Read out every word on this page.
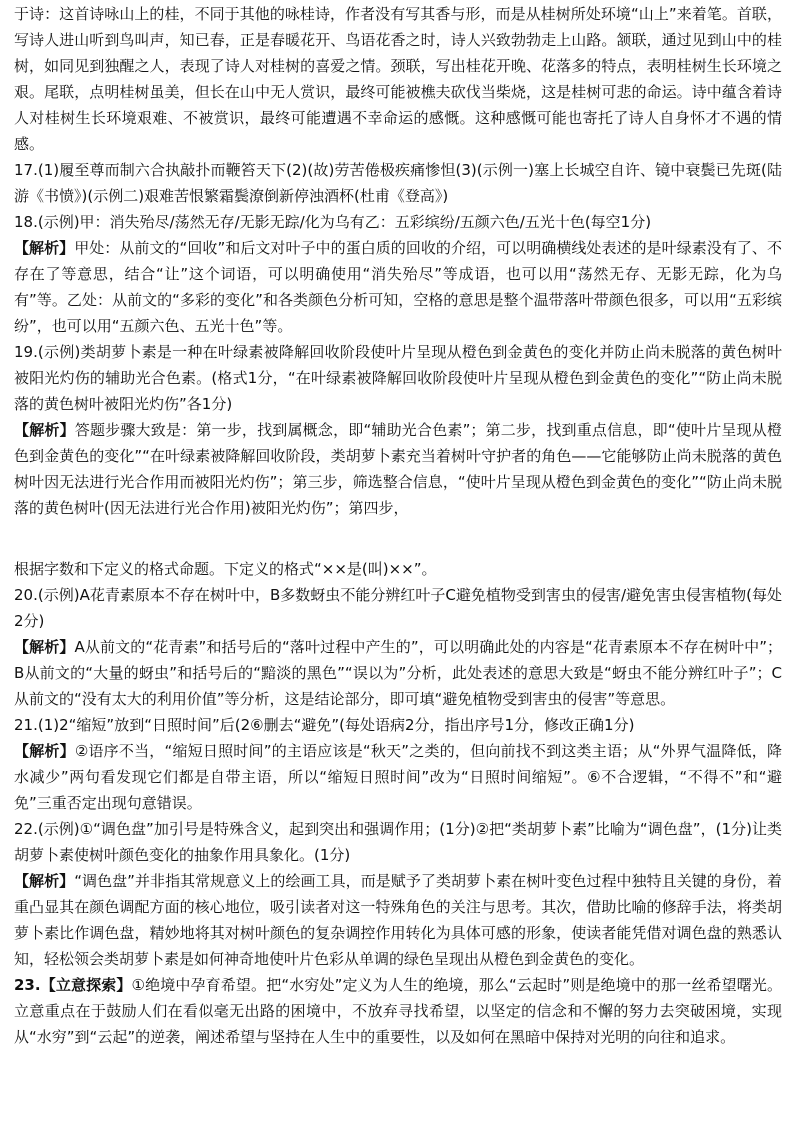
于诗：这首诗咏山上的桂，不同于其他的咏桂诗，作者没有写其香与形，而是从桂树所处环境“山上”来着笔。首联，写诗人进山听到鸟叫声，知已春，正是春暖花开、鸟语花香之时，诗人兴致勃勃走上山路。颔联，通过见到山中的桂树，如同见到独醒之人，表现了诗人对桂树的喜爱之情。颈联，写出桂花开晚、花落多的特点，表明桂树生长环境之艰。尾联，点明桂树虽美，但长在山中无人赏识，最终可能被樵夫砍伐当柴烧，这是桂树可悲的命运。诗中蕴含着诗人对桂树生长环境艰难、不被赏识，最终可能遭遇不幸命运的感慨。这种感慨可能也寄托了诗人自身怀才不遇的情感。

17.(1)履至尊而制六合执敲扑而鞭笞天下(2)(故)劳苦倦极疾痛惨怛(3)(示例一)塞上长城空自许、镜中衰鬓已先斑(陆游《书愤》)(示例二)艰难苦恨繁霜鬓潦倒新停浊酒杯(杜甫《登高》)

18.(示例)甲：消失殆尽/荡然无存/无影无踪/化为乌有乙：五彩缤纷/五颜六色/五光十色(每空1分)

【解析】甲处：从前文的“回收”和后文对叶子中的蛋白质的回收的介绍，可以明确横线处表述的是叶绿素没有了、不存在了等意思，结合“让”这个词语，可以明确使用“消失殆尽”等成语，也可以用“荡然无存、无影无踪，化为乌有”等。乙处：从前文的“多彩的变化”和各类颜色分析可知，空格的意思是整个温带落叶带颜色很多，可以用“五彩缤纷”，也可以用“五颜六色、五光十色”等。

19.(示例)类胡萝卜素是一种在叶绿素被降解回收阶段使叶片呈现从橙色到金黄色的变化并防止尚未脱落的黄色树叶被阳光灼伤的辅助光合色素。(格式1分，“在叶绿素被降解回收阶段使叶片呈现从橙色到金黄色的变化”“防止尚未脱落的黄色树叶被阳光灼伤”各1分)

【解析】答题步骤大致是：第一步，找到属概念，即“辅助光合色素”；第二步，找到重点信息，即“使叶片呈现从橙色到金黄色的变化”“在叶绿素被降解回收阶段，类胡萝卜素充当着树叶守护者的角色——它能够防止尚未脱落的黄色树叶因无法进行光合作用而被阳光灼伤”；第三步，筛选整合信息，“使叶片呈现从橙色到金黄色的变化”“防止尚未脱落的黄色树叶(因无法进行光合作用)被阳光灼伤”；第四步，

根据字数和下定义的格式命题。下定义的格式“××是(叫)××”。

20.(示例)A花青素原本不存在树叶中，B多数蚜虫不能分辨红叶子C避免植物受到害虫的侵害/避免害虫侵害植物(每处2分)

【解析】A从前文的“花青素”和括号后的“落叶过程中产生的”，可以明确此处的内容是“花青素原本不存在树叶中”；B从前文的“大量的蚜虫”和括号后的“黯淡的黑色”“误以为”分析，此处表述的意思大致是“蚜虫不能分辨红叶子”；C从前文的“没有太大的利用价值”等分析，这是结论部分，即可填“避免植物受到害虫的侵害”等意思。

21.(1)2“缩短”放到“日照时间”后(2⑥删去“避免”(每处语病2分，指出序号1分，修改正确1分)

【解析】②语序不当，“缩短日照时间”的主语应该是“秋天”之类的，但向前找不到这类主语；从“外界气温降低，降水减少”两句看发现它们都是自带主语，所以“缩短日照时间”改为“日照时间缩短”。⑥不合逻辑，“不得不”和“避免”三重否定出现句意错误。

22.(示例)①“调色盘”加引号是特殊含义，起到突出和强调作用；(1分)②把“类胡萝卜素”比喻为“调色盘”，(1分)让类胡萝卜素使树叶颜色变化的抽象作用具象化。(1分)

【解析】“调色盘”并非指其常规意义上的绘画工具，而是赋予了类胡萝卜素在树叶变色过程中独特且关键的身份，着重凸显其在颜色调配方面的核心地位，吸引读者对这一特殊角色的关注与思考。其次，借助比喻的修辞手法，将类胡萝卜素比作调色盘，精妙地将其对树叶颜色的复杂调控作用转化为具体可感的形象，使读者能凭借对调色盘的熟悉认知，轻松领会类胡萝卜素是如何神奇地使叶片色彩从单调的绿色呈现出从橙色到金黄色的变化。

23.【立意探索】①绝境中孕育希望。把“水穷处”定义为人生的绝境，那么“云起时”则是绝境中的那一丝希望曙光。立意重点在于鼓励人们在看似毫无出路的困境中，不放弃寻找希望，以坚定的信念和不懈的努力去突破困境，实现从“水穷”到“云起”的逆袭，阐述希望与坚持在人生中的重要性，以及如何在黑暗中保持对光明的向往和追求。
